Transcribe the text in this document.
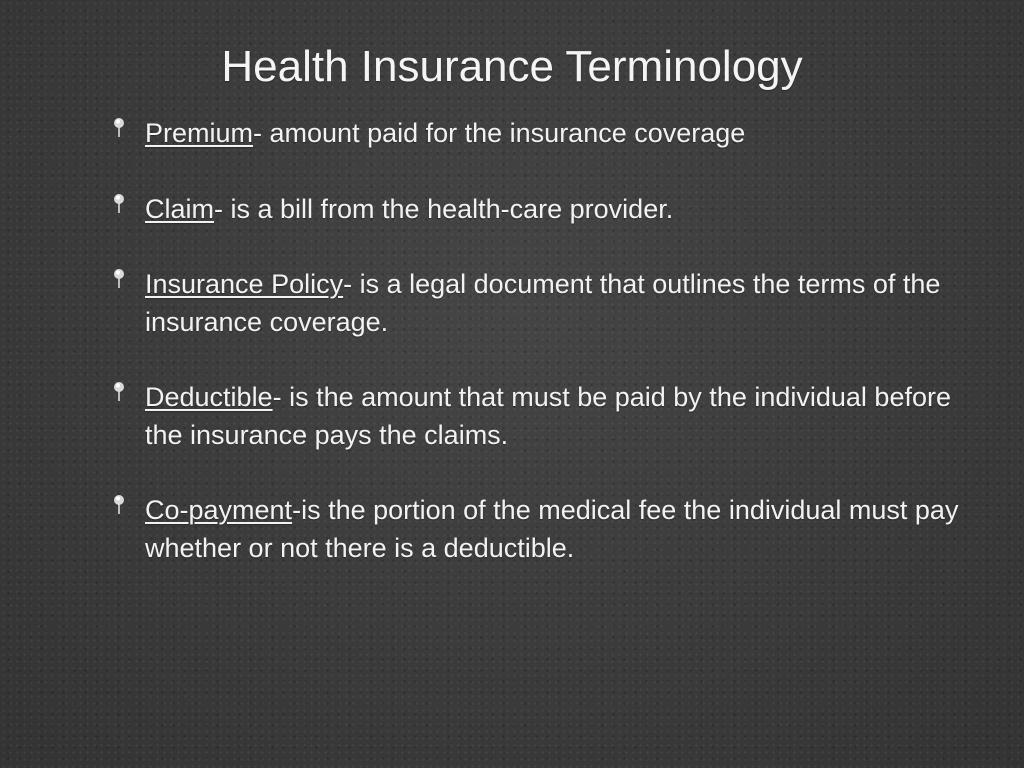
Health Insurance Terminology
Premium- amount paid for the insurance coverage
Claim- is a bill from the health-care provider.
Insurance Policy- is a legal document that outlines the terms of the insurance coverage.
Deductible- is the amount that must be paid by the individual before the insurance pays the claims.
Co-payment-is the portion of the medical fee the individual must pay whether or not there is a deductible.
